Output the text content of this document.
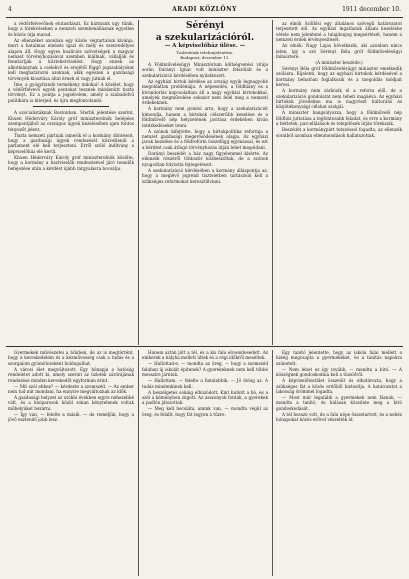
4	ARADI KÖZLÖNY	1911 december 10.

a védőrfelvevőnek elutasítását. Ez hármunk úgy tűnik, hogy a törekvéseken a nemzeti szembenállásnak egyetlen és közös útja marad.

Az ellenzéket azonban egy közös végtartalom kívánja, mert a hatalmas elnézés igazi és mély és szenvedélyes alapon áll. Hogy egyes koalíciós szövetségek a magyar nemzet törvényhozásával szemben kiállnak, vállalják és fenntartják a közteherviselést. Hogy ennek az alkotmánynak a cselekvő és erejétől függő jogszabályokat kell meghatározni azoknak, akik egészen a gazdasági törvények kiosztása által érnek el vagy jutnak el.

Íme, a gyógyítandó termékeny indokai! A közélet, hogy a védőrfelvevő egyéb pontokat tesznek mindenütt tiszta törvényt. Ez a pontja a jogsérelem, amely a szabadelvű politikára is kiterjed, és újra megfontolandó.

A szocialistáknak Bostonban. Sterbli jelentése szerint, Khuen Héderváry Károly gróf miniszterelnök belépése szempontjából az országos ügyek kezelésében igen fontos tényezőt jelent.

Tiszta nemzeti pártnak ismerik el a kormány döntéseit, hogy a gazdasági ügyek rendezését közvetlenül a parlament elé kell terjeszteni. Erről szóló indítvány a képviselőház elé kerül.

Khuen Héderváry Károly gróf miniszterelnök közölte, hogy a kormány a tisztviselők rendezésével járó teendők befejezése után a kérdést újabb tárgyalásra bocsátja.

Sérényi
a szekularizációról.
— A képviselőház ülése. —
Tudósítónk telefonjelentése.
Budapest, december 11.

A Földművelésügyi Minisztérium költségvetési vitája során Darányi Ignác volt miniszter felszólalt és a szekularizáció kérdésében nyilatkozott.

Az egyházi birtok kérdése az ország egyik legnagyobb megoldatlan problémája. A népesedés, a földhiány és a kivándorlás kapcsolatban áll a nagy egyházi birtokokkal, amelyek megművelése sokszor nem felel meg a nemzeti érdekeknek.

A kormány nem gondol arra, hogy a szekularizációt kimondja, hanem a birtokok célszerűbb kezelése és a földművelő nép helyzetének javítása érdekében kíván intézkedéseket tenni.

A szónok kifejtette, hogy a birtokpolitika reformja a nemzet gazdasági megerősödésének alapja. Az egyházi javak kezelése és a földreform összefügg egymással, és ezt a kérdést csak átfogó törvényhozás útján lehet megoldani.

Darányi beszédét a ház nagy figyelemmel kísérte. Az ellenzék részéről többször közbeszóltak, de a szónok nyugodtan folytatta fejtegetéseit.

A szekularizáció kérdésében a kormány álláspontja az, hogy a meglévő jogrend tiszteletben tartásával kell a szükséges reformokat keresztülvinni.

az elnök Szőllősi egy általános szövegű határozatot terjesztett elő. Az egyházi ingatlanok állami kezelésbe vétele nem jelentené a tulajdonjog megsértését, hanem a nemzeti érdek érvényesítését.

Az elnök: Nagy Lajos következik, aki azonban nincs jelen, így a szó Sérényi Béla gróf földművelésügyi miniszteré.

(A miniszter beszéde.)

Sérényi Béla gróf földművelésügyi miniszter emelkedik szólásra. Kijelenti, hogy az egyházi birtokok kérdésével a kormány behatóan foglalkozik és a megoldás módjait keresi.

A kormány nem zárkózik el a reform elől, de a szekularizáció gondolatát nem teheti magáévá. Az egyházi birtokok jövedelme ma is nagyrészt kulturális és közjótékonysági célokat szolgál.

A miniszter hangsúlyozza, hogy a földművelő nép földhöz juttatása a legfontosabb feladat, és erre a kormány a bérletek, parcellázások és telepítések útján törekszik.

Beszédét a kormánypárt tetszéssel fogadta, az ellenzék soraiból azonban ellenmondások hallatszottak.

Gyermekek művészetei a bűnben, de az is megtörtént, hogy a kereskedelem és a kézművesség csak a tudás és a szorgalom gyümölcseként boldogulhat.

A városi élet megváltozott. Egy hónapja a hatóság rendeletet adott ki, amely szerint az üzletek zárórájának rendezése minden kereskedőt egyformán érint.

— Mit szól ehhez? — kérdezte a szomszéd. — Az ember nem tud mit mondani, ha ennyire megváltoznak az idők.

A gazdasági helyzet az utóbbi években egyre nehezebbé vált, és a kisiparosok közül sokan kénytelenek voltak műhelyüket bezárni.

— Így van, — felelte a másik, — de reméljük, hogy a jövő esztendő jobb lesz.

Hanem aztán jött a tél, és a kis falu elcsendesedett. Az emberek a kályha mellett ültek és a régi időkről meséltek.

— Hallottad-e, — mondta az öreg, — hogy a szomszéd faluban új iskolát építenek? A gyerekeknek nem kell többé messzire járniuk.

— Hallottam, — felelte a fiatalabbik. — Jó dolog az. A tudás mindenkinek kell.

A beszélgetés sokáig elhúzódott. Kint hullott a hó, és a szél a kéményben zúgott. Az asszonyok fontak, a gyerekek a padlón játszottak.

— Meg kell becsülni, amink van, — mondta végül az öreg, és felállt, hogy fát tegyen a tűzre.

Egy tanító jelentette, hogy az iskola falai mellett a hideg megcsapta a gyermekeket, és a tanítás napokra szünetelt.

— Nem lehet ez így tovább, — mondta a bíró. — A községnek gondoskodnia kell a tüzelőről.

A képviselőtestület összeült és elhatározta, hogy a szükséges fát a közös erdőből biztosítja. A határozatot a lakosság örömmel fogadta.

— Most már legalább a gyermekek nem fáznak, — mondta a tanító, és hálásan köszönte meg a bíró gondoskodását.

A tél hosszú volt, de a falu népe összetartott, és a nehéz hónapokat közös erővel vészelték át.
